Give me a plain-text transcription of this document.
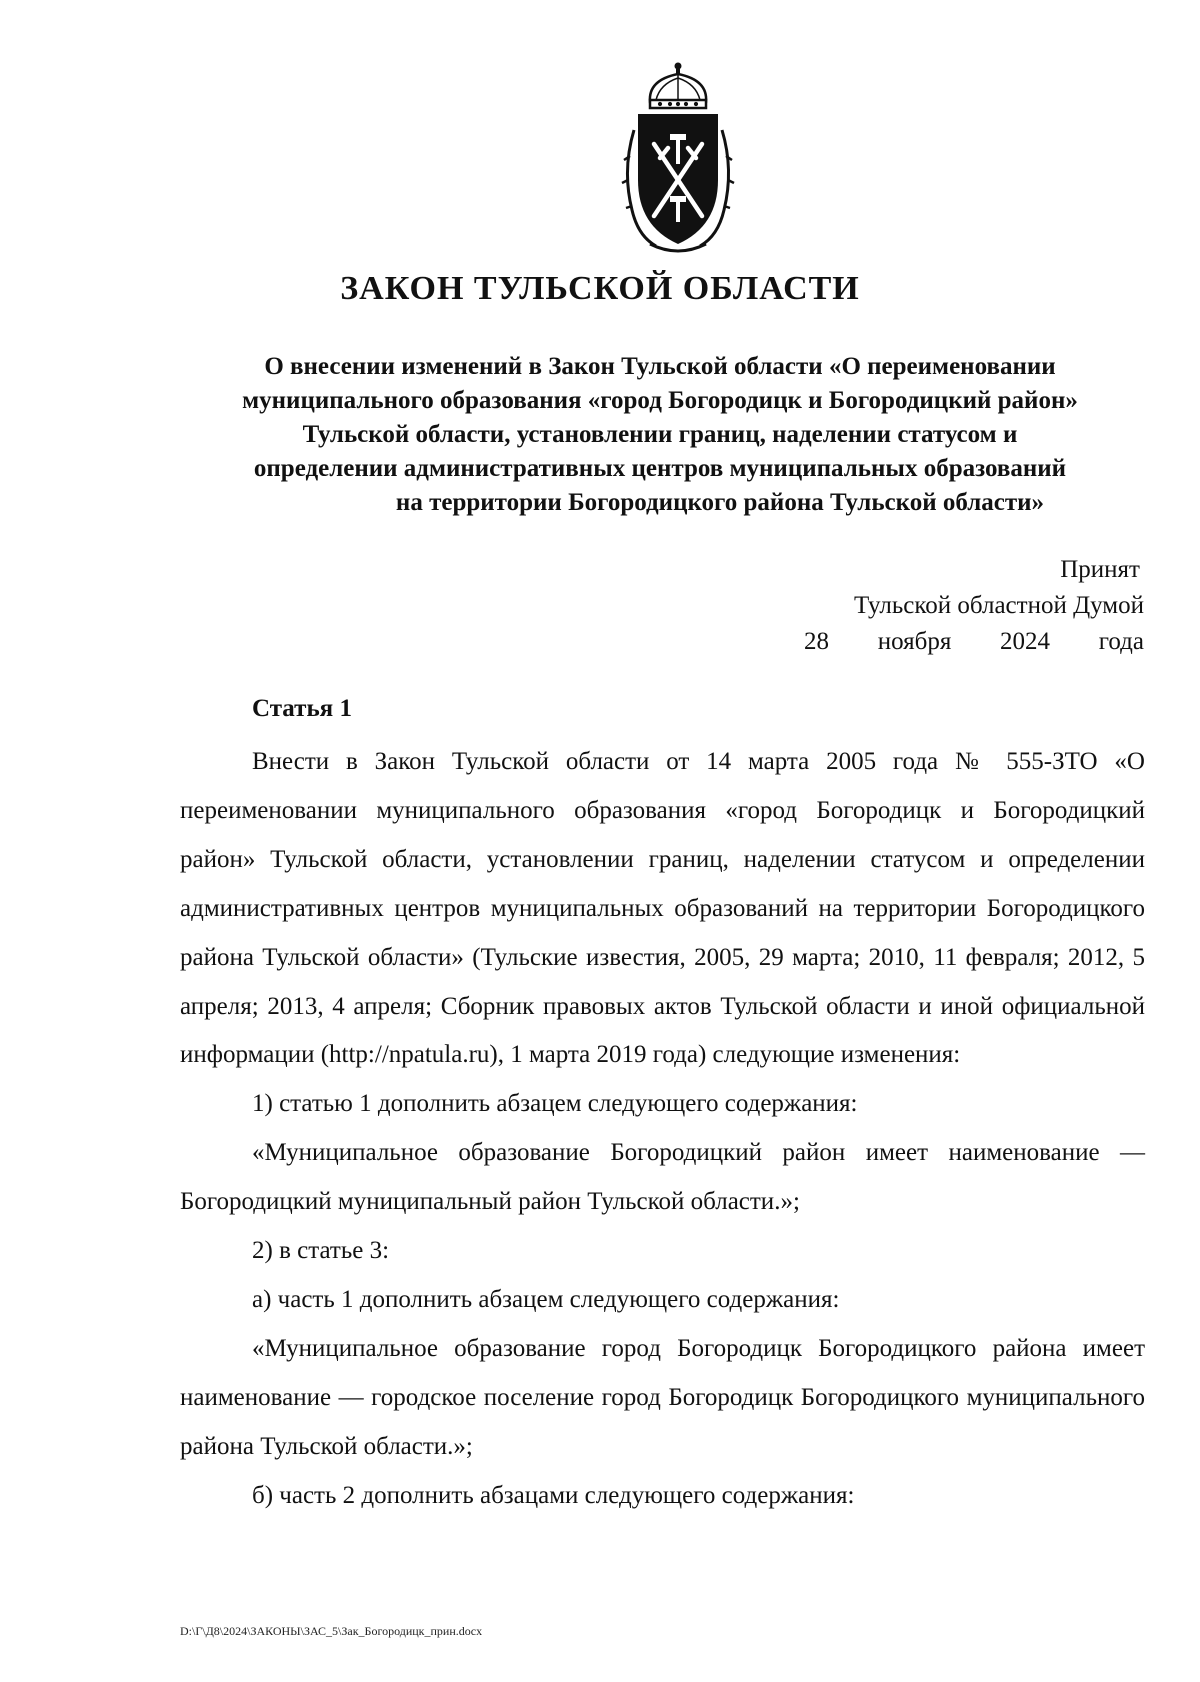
ЗАКОН ТУЛЬСКОЙ ОБЛАСТИ
О внесении изменений в Закон Тульской области «О переименовании
муниципального образования «город Богородицк и Богородицкий район»
Тульской области, установлении границ, наделении статусом и
определении административных центров муниципальных образований
на территории Богородицкого района Тульской области»
Принят
Тульской областной Думой
28 ноября 2024 года
Статья 1

Внести в Закон Тульской области от 14 марта 2005 года № 555-ЗТО «О переименовании муниципального образования «город Богородицк и Богородицкий район» Тульской области, установлении границ, наделении статусом и определении административных центров муниципальных образований на территории Богородицкого района Тульской области» (Тульские известия, 2005, 29 марта; 2010, 11 февраля; 2012, 5 апреля; 2013, 4 апреля; Сборник правовых актов Тульской области и иной официальной информации (http://npatula.ru), 1 марта 2019 года) следующие изменения:

1) статью 1 дополнить абзацем следующего содержания:

«Муниципальное образование Богородицкий район имеет наименование — Богородицкий муниципальный район Тульской области.»;

2) в статье 3:

а) часть 1 дополнить абзацем следующего содержания:

«Муниципальное образование город Богородицк Богородицкого района имеет наименование — городское поселение город Богородицк Богородицкого муниципального района Тульской области.»;

б) часть 2 дополнить абзацами следующего содержания:

D:\Г\Д8\2024\ЗАКОНЫ\ЗАС_5\Зак_Богородицк_прин.docx
